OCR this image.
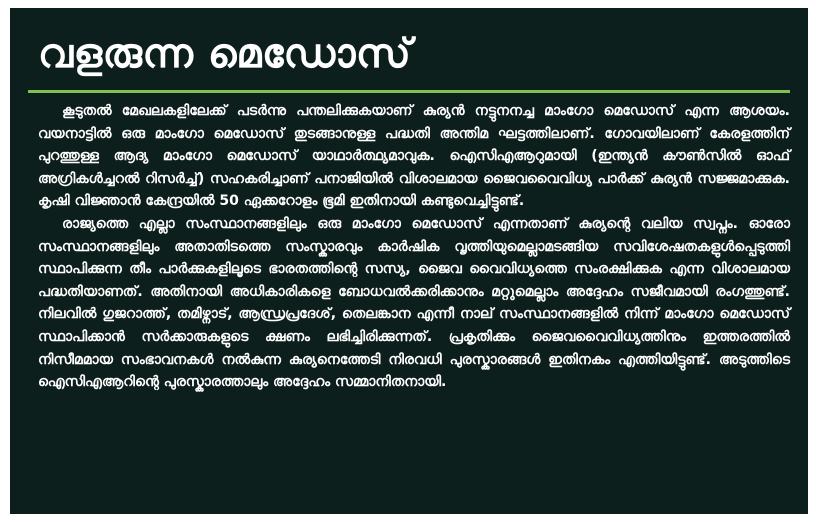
വളരുന്ന മെഡോസ്

കൂടുതൽ മേഖലകളിലേക്ക് പടർന്നു പന്തലിക്കുകയാണ് കുര്യൻ നട്ടുനനച്ച മാംഗോ മെഡോസ് എന്ന ആശയം. വയനാട്ടിൽ ഒരു മാംഗോ മെഡോസ് തുടങ്ങാനുള്ള പദ്ധതി അന്തിമ ഘട്ടത്തിലാണ്. ഗോവയിലാണ് കേരളത്തിന് പുറത്തുള്ള ആദ്യ മാംഗോ മെഡോസ് യാഥാർത്ഥ്യമാവുക. ഐസിഎആറുമായി (ഇന്ത്യൻ കൗൺസിൽ ഓഫ് അഗ്രികൾച്ചറൽ റിസർച്ച്) സഹകരിച്ചാണ് പനാജിയിൽ വിശാലമായ ജൈവവൈവിധ്യ പാർക്ക് കുര്യൻ സജ്ജമാക്കുക. കൃഷി വിജ്ഞാൻ കേന്ദ്രയിൽ 50 ഏക്കറോളം ഭൂമി ഇതിനായി കണ്ടുവെച്ചിട്ടുണ്ട്.

രാജ്യത്തെ എല്ലാ സംസ്ഥാനങ്ങളിലും ഒരു മാംഗോ മെഡോസ് എന്നതാണ് കുര്യന്റെ വലിയ സ്വപ്നം. ഓരോ സംസ്ഥാനങ്ങളിലും അതാതിടത്തെ സംസ്കാരവും കാർഷിക വൃത്തിയുമെല്ലാമടങ്ങിയ സവിശേഷതകളുൾപ്പെടുത്തി സ്ഥാപിക്കുന്ന തീം പാർക്കുകളിലൂടെ ഭാരതത്തിന്റെ സസ്യ, ജൈവ വൈവിധ്യത്തെ സംരക്ഷിക്കുക എന്ന വിശാലമായ പദ്ധതിയാണത്. അതിനായി അധികാരികളെ ബോധവൽക്കരിക്കാനും മറ്റുമെല്ലാം അദ്ദേഹം സജീവമായി രംഗത്തുണ്ട്. നിലവിൽ ഗുജറാത്ത്, തമിഴ്നാട്, ആന്ധ്രപ്രദേശ്, തെലങ്കാന എന്നീ നാല് സംസ്ഥാനങ്ങളിൽ നിന്ന് മാംഗോ മെഡോസ് സ്ഥാപിക്കാൻ സർക്കാരുകളുടെ ക്ഷണം ലഭിച്ചിരിക്കുന്നത്. പ്രകൃതിക്കും ജൈവവൈവിധ്യത്തിനും ഇത്തരത്തിൽ നിസീമമായ സംഭാവനകൾ നൽകുന്ന കുര്യനെത്തേടി നിരവധി പുരസ്കാരങ്ങൾ ഇതിനകം എത്തിയിട്ടുണ്ട്. അടുത്തിടെ ഐസിഎആറിന്റെ പുരസ്കാരത്താലും അദ്ദേഹം സമ്മാനിതനായി.
